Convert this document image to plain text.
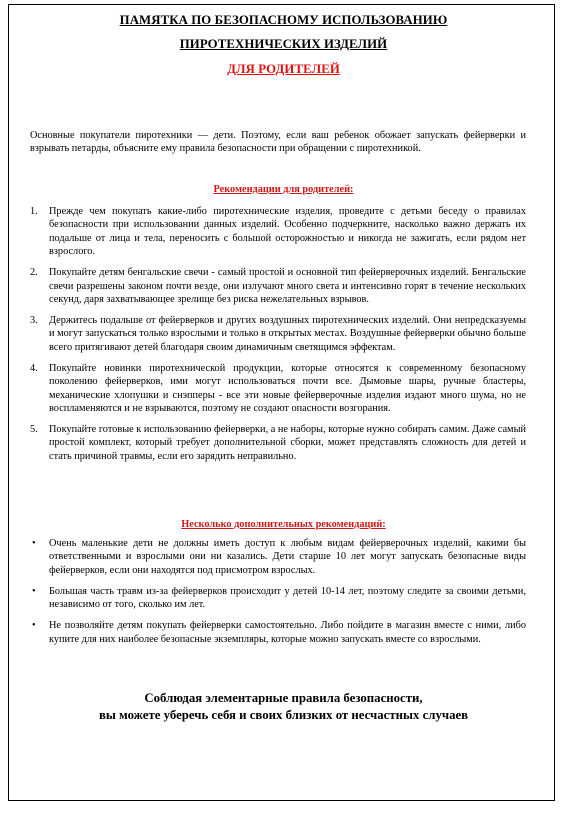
ПАМЯТКА ПО БЕЗОПАСНОМУ ИСПОЛЬЗОВАНИЮ
ПИРОТЕХНИЧЕСКИХ ИЗДЕЛИЙ
ДЛЯ РОДИТЕЛЕЙ

Основные покупатели пиротехники — дети. Поэтому, если ваш ребенок обожает запускать фейерверки и взрывать петарды, объясните ему правила безопасности при обращении с пиротехникой.

Рекомендации для родителей:
1. Прежде чем покупать какие-либо пиротехнические изделия, проведите с детьми беседу о правилах безопасности при использовании данных изделий. Особенно подчеркните, насколько важно держать их подальше от лица и тела, переносить с большой осторожностью и никогда не зажигать, если рядом нет взрослого.
2. Покупайте детям бенгальские свечи - самый простой и основной тип фейерверочных изделий. Бенгальские свечи разрешены законом почти везде, они излучают много света и интенсивно горят в течение нескольких секунд, даря захватывающее зрелище без риска нежелательных взрывов.
3. Держитесь подальше от фейерверков и других воздушных пиротехнических изделий. Они непредсказуемы и могут запускаться только взрослыми и только в открытых местах. Воздушные фейерверки обычно больше всего притягивают детей благодаря своим динамичным светящимся эффектам.
4. Покупайте новинки пиротехнической продукции, которые относятся к современному безопасному поколению фейерверков, ими могут использоваться почти все. Дымовые шары, ручные бластеры, механические хлопушки и снэпперы - все эти новые фейерверочные изделия издают много шума, но не воспламеняются и не взрываются, поэтому не создают опасности возгорания.
5. Покупайте готовые к использованию фейерверки, а не наборы, которые нужно собирать самим. Даже самый простой комплект, который требует дополнительной сборки, может представлять сложность для детей и стать причиной травмы, если его зарядить неправильно.
Несколько дополнительных рекомендаций:
• Очень маленькие дети не должны иметь доступ к любым видам фейерверочных изделий, какими бы ответственными и взрослыми они ни казались. Дети старше 10 лет могут запускать безопасные виды фейерверков, если они находятся под присмотром взрослых.
• Большая часть травм из-за фейерверков происходит у детей 10-14 лет, поэтому следите за своими детьми, независимо от того, сколько им лет.
• Не позволяйте детям покупать фейерверки самостоятельно. Либо пойдите в магазин вместе с ними, либо купите для них наиболее безопасные экземпляры, которые можно запускать вместе со взрослыми.
Соблюдая элементарные правила безопасности,
вы можете уберечь себя и своих близких от несчастных случаев
